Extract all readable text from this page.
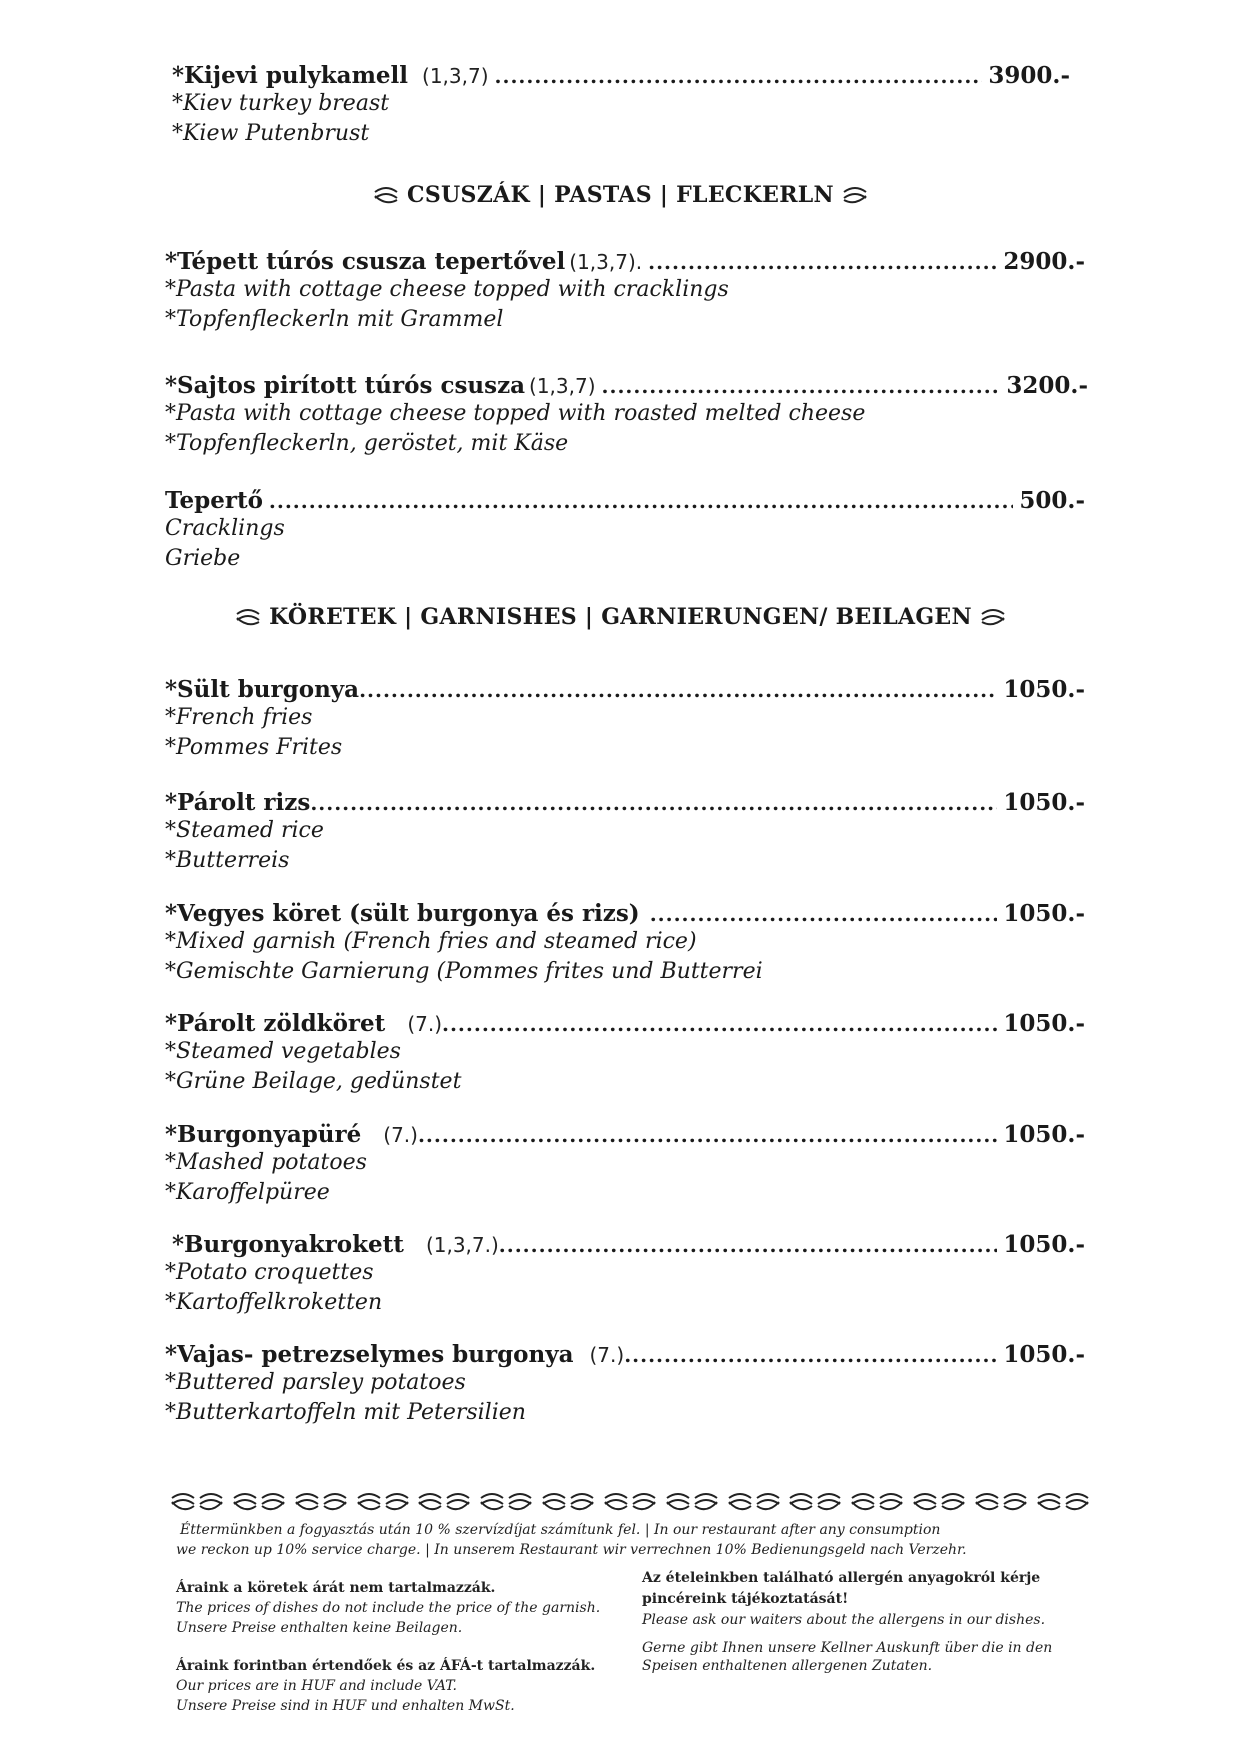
*Kijevi pulykamell (1,3,7) .....	3900.-
*Kiev turkey breast
*Kiew Putenbrust
CSUSZÁK | PASTAS | FLECKERLN
*Tépett túrós csusza tepertővel (1,3,7). .....	2900.-
*Pasta with cottage cheese topped with cracklings
*Topfenfleckerln mit Grammel
*Sajtos pirított túrós csusza (1,3,7) .....	3200.-
*Pasta with cottage cheese topped with roasted melted cheese
*Topfenfleckerln, geröstet, mit Käse
Tepertő .....	500.-
Cracklings
Griebe
KÖRETEK | GARNISHES | GARNIERUNGEN/ BEILAGEN
*Sült burgonya .....	1050.-
*French fries
*Pommes Frites
*Párolt rizs .....	1050.-
*Steamed rice
*Butterreis
*Vegyes köret (sült burgonya és rizs) .....	1050.-
*Mixed garnish (French fries and steamed rice)
*Gemischte Garnierung (Pommes frites und Butterrei
*Párolt zöldköret (7.) .....	1050.-
*Steamed vegetables
*Grüne Beilage, gedünstet
*Burgonyapüré (7.) .....	1050.-
*Mashed potatoes
*Karoffelpüree
*Burgonyakrokett (1,3,7.) .....	1050.-
*Potato croquettes
*Kartoffelkroketten
*Vajas- petrezselymes burgonya (7.) .....	1050.-
*Buttered parsley potatoes
*Butterkartoffeln mit Petersilien
Éttermünkben a fogyasztás után 10 % szervízdíjat számítunk fel. | In our restaurant after any consumption
we reckon up 10% service charge. | In unserem Restaurant wir verrechnen 10% Bedienungsgeld nach Verzehr.
Áraink a köretek árát nem tartalmazzák.
The prices of dishes do not include the price of the garnish.
Unsere Preise enthalten keine Beilagen.
Áraink forintban értendőek és az ÁFÁ-t tartalmazzák.
Our prices are in HUF and include VAT.
Unsere Preise sind in HUF und enhalten MwSt.
Az ételeinkben található allergén anyagokról kérje
pincéreink tájékoztatását!
Please ask our waiters about the allergens in our dishes.
Gerne gibt Ihnen unsere Kellner Auskunft über die in den
Speisen enthaltenen allergenen Zutaten.
